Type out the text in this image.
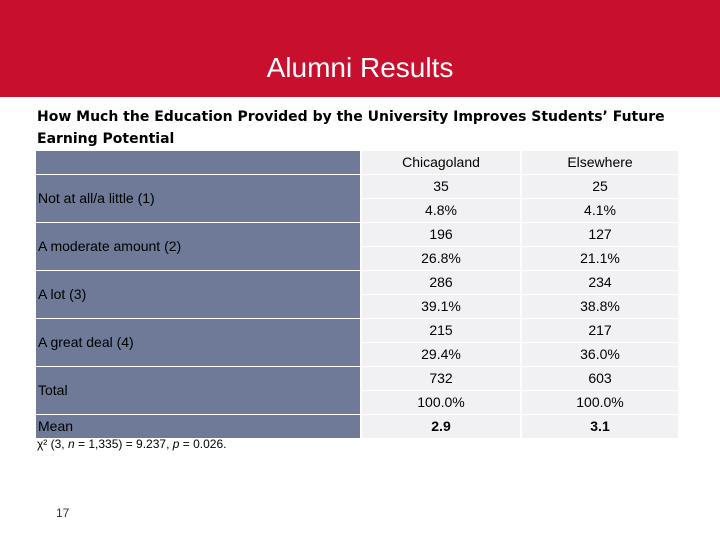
Alumni Results
How Much the Education Provided by the University Improves Students’ Future Earning Potential
	Chicagoland		Elsewhere
Not at all/a little (1)	35		25
	4.8%		4.1%
A moderate amount (2)	196		127
	26.8%		21.1%
A lot (3)	286		234
	39.1%		38.8%
A great deal (4)	215		217
	29.4%		36.0%
Total	732		603
	100.0%		100.0%
Mean	2.9		3.1
χ² (3, n = 1,335) = 9.237, p = 0.026.
17
